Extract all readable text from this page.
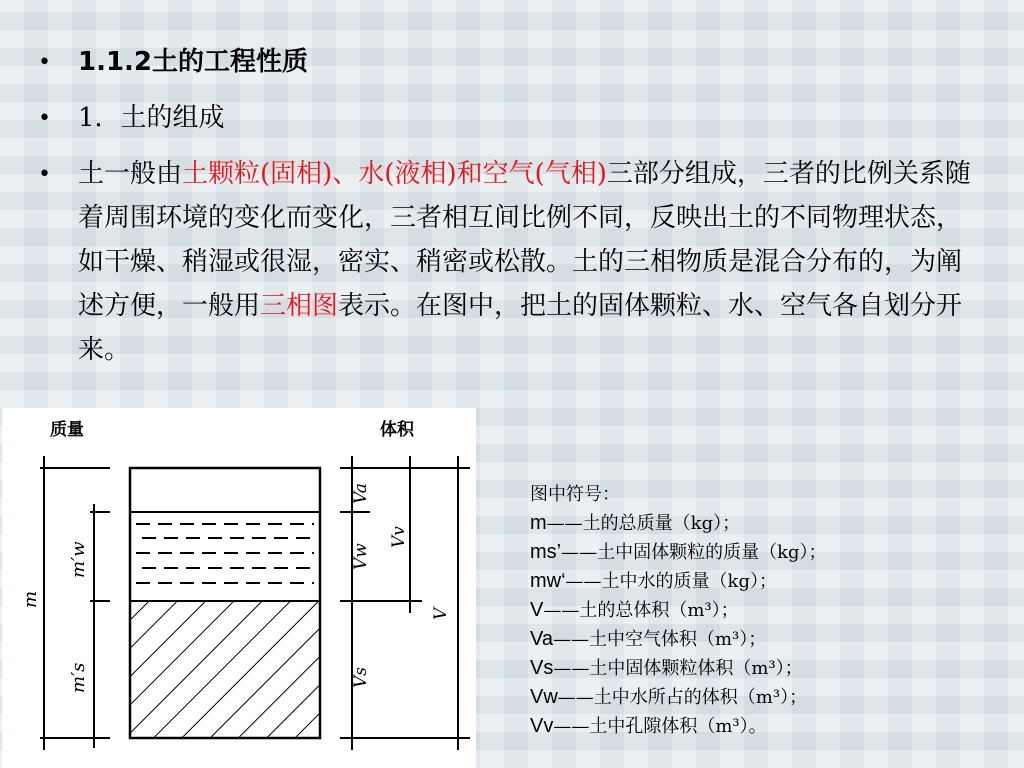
•	1.1.2土的工程性质
•	1．土的组成
•	土一般由土颗粒(固相)、水(液相)和空气(气相)三部分组成，三者的比例关系随着周围环境的变化而变化，三者相互间比例不同，反映出土的不同物理状态，如干燥、稍湿或很湿，密实、稍密或松散。土的三相物质是混合分布的，为阐述方便，一般用三相图表示。在图中，把土的固体颗粒、水、空气各自划分开来。
质量	体积
m
m′w
m′s
Va
Vv
Vw
Vs
V
图中符号：
m——土的总质量（kg）；
ms’——土中固体颗粒的质量（kg）；
mw‘——土中水的质量（kg）；
V——土的总体积（m³）；
Va——土中空气体积（m³）；
Vs——土中固体颗粒体积（m³）；
Vw——土中水所占的体积（m³）；
Vv——土中孔隙体积（m³）。
